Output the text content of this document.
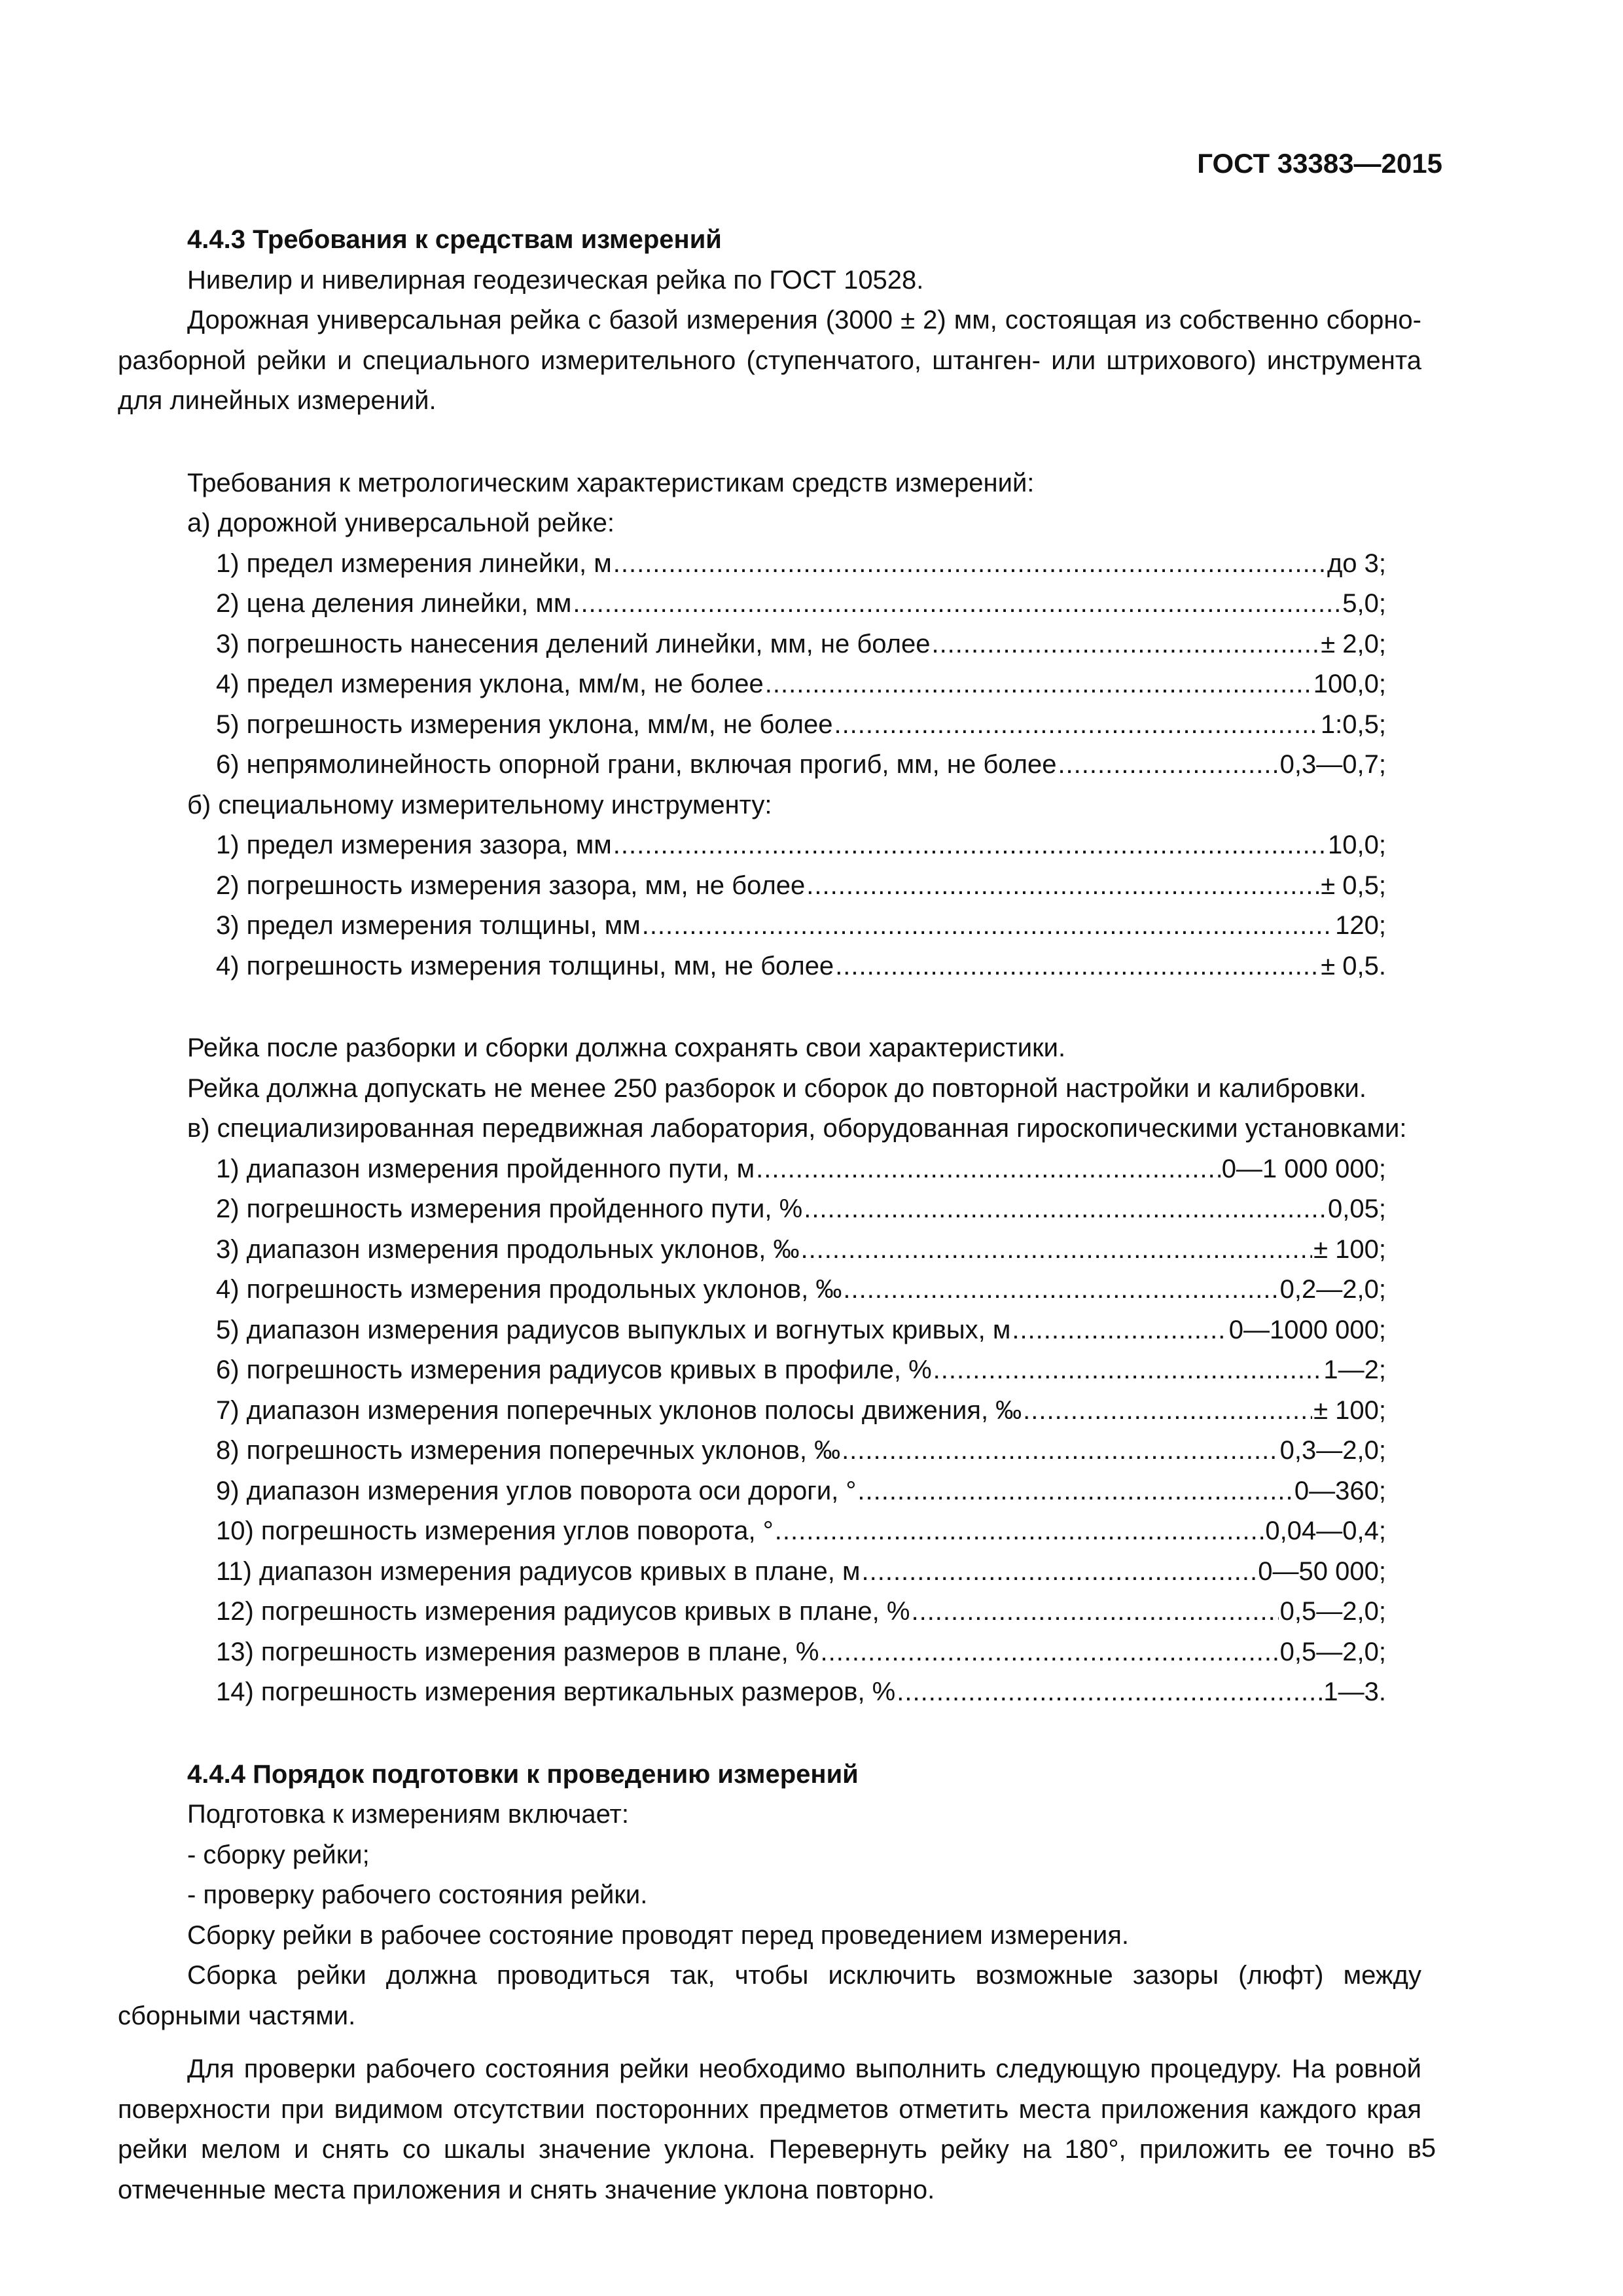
ГОСТ 33383—2015
4.4.3 Требования к средствам измерений
Нивелир и нивелирная геодезическая рейка по ГОСТ 10528.
Дорожная универсальная рейка с базой измерения (3000 ± 2) мм, состоящая из собственно сборно-разборной рейки и специального измерительного (ступенчатого, штанген- или штрихового) инструмента для линейных измерений.
Требования к метрологическим характеристикам средств измерений:
а) дорожной универсальной рейке:
1) предел измерения линейки, м .....	до 3;
2) цена деления линейки, мм .....	5,0;
3) погрешность нанесения делений линейки, мм, не более .....	± 2,0;
4) предел измерения уклона, мм/м, не более .....	100,0;
5) погрешность измерения уклона, мм/м, не более .....	1:0,5;
6) непрямолинейность опорной грани, включая прогиб, мм, не более .....	0,3—0,7;
б) специальному измерительному инструменту:
1) предел измерения зазора, мм .....	10,0;
2) погрешность измерения зазора, мм, не более .....	± 0,5;
3) предел измерения толщины, мм .....	120;
4) погрешность измерения толщины, мм, не более .....	± 0,5.
Рейка после разборки и сборки должна сохранять свои характеристики.
Рейка должна допускать не менее 250 разборок и сборок до повторной настройки и калибровки.
в) специализированная передвижная лаборатория, оборудованная гироскопическими установками:
1) диапазон измерения пройденного пути, м .....	0—1 000 000;
2) погрешность измерения пройденного пути, % .....	0,05;
3) диапазон измерения продольных уклонов, ‰ .....	± 100;
4) погрешность измерения продольных уклонов, ‰ .....	0,2—2,0;
5) диапазон измерения радиусов выпуклых и вогнутых кривых, м .....	0—1000 000;
6) погрешность измерения радиусов кривых в профиле, % .....	1—2;
7) диапазон измерения поперечных уклонов полосы движения, ‰ .....	± 100;
8) погрешность измерения поперечных уклонов, ‰ .....	0,3—2,0;
9) диапазон измерения углов поворота оси дороги, ° .....	0—360;
10) погрешность измерения углов поворота, ° .....	0,04—0,4;
11) диапазон измерения радиусов кривых в плане, м .....	0—50 000;
12) погрешность измерения радиусов кривых в плане, % .....	0,5—2,0;
13) погрешность измерения размеров в плане, % .....	0,5—2,0;
14) погрешность измерения вертикальных размеров, % .....	1—3.
4.4.4 Порядок подготовки к проведению измерений
Подготовка к измерениям включает:
- сборку рейки;
- проверку рабочего состояния рейки.
Сборку рейки в рабочее состояние проводят перед проведением измерения.
Сборка рейки должна проводиться так, чтобы исключить возможные зазоры (люфт) между сборными частями.
Для проверки рабочего состояния рейки необходимо выполнить следующую процедуру. На ровной поверхности при видимом отсутствии посторонних предметов отметить места приложения каждого края рейки мелом и снять со шкалы значение уклона. Перевернуть рейку на 180°, приложить ее точно в отмеченные места приложения и снять значение уклона повторно.
5
